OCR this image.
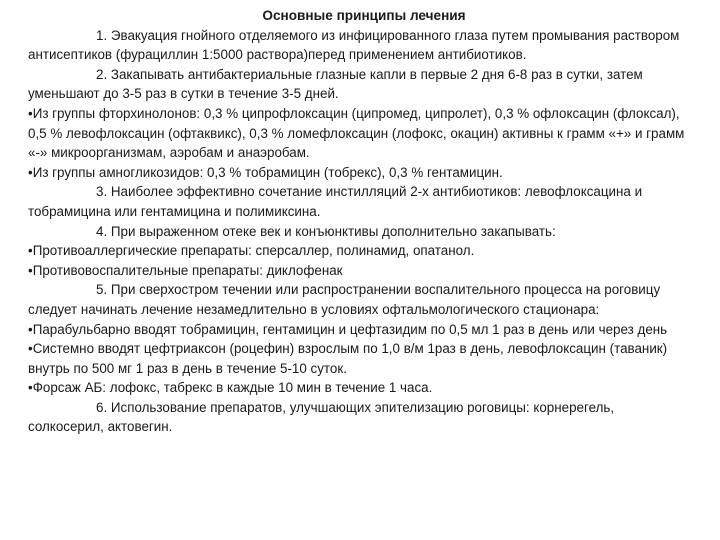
Основные принципы лечения

1. Эвакуация гнойного отделяемого из инфицированного глаза путем промывания раствором антисептиков (фурациллин 1:5000 раствора)перед применением антибиотиков.

2. Закапывать антибактериальные глазные капли в первые 2 дня 6-8 раз в сутки, затем уменьшают до 3-5 раз в сутки в течение 3-5 дней.

•Из группы фторхинолонов: 0,3 % ципрофлоксацин (ципромед, ципролет), 0,3 % офлоксацин (флоксал), 0,5 % левофлоксацин (офтаквикс), 0,3 % ломефлоксацин (лофокс, окацин) активны к грамм «+» и грамм «-» микроорганизмам, аэробам и анаэробам.

•Из группы амногликозидов: 0,3 % тобрамицин (тобрекс), 0,3 % гентамицин.

3. Наиболее эффективно сочетание инстилляций 2-х антибиотиков: левофлоксацина и тобрамицина или гентамицина и полимиксина.

4. При выраженном отеке век и конъюнктивы дополнительно закапывать:

•Противоаллергические препараты: сперсаллер, полинамид, опатанол.

•Противовоспалительные препараты: диклофенак

5. При сверхостром течении или распространении воспалительного процесса на роговицу следует начинать лечение незамедлительно в условиях офтальмологического стационара:

•Парабульбарно вводят тобрамицин, гентамицин и цефтазидим по 0,5 мл 1 раз в день или через день

•Системно вводят цефтриаксон (роцефин) взрослым по 1,0 в/м 1раз в день, левофлоксацин (таваник) внутрь по 500 мг 1 раз в день в течение 5-10 суток.

•Форсаж АБ: лофокс, табрекс в каждые 10 мин в течение 1 часа.

6. Использование препаратов, улучшающих эпителизацию роговицы: корнерегель, солкосерил, актовегин.
